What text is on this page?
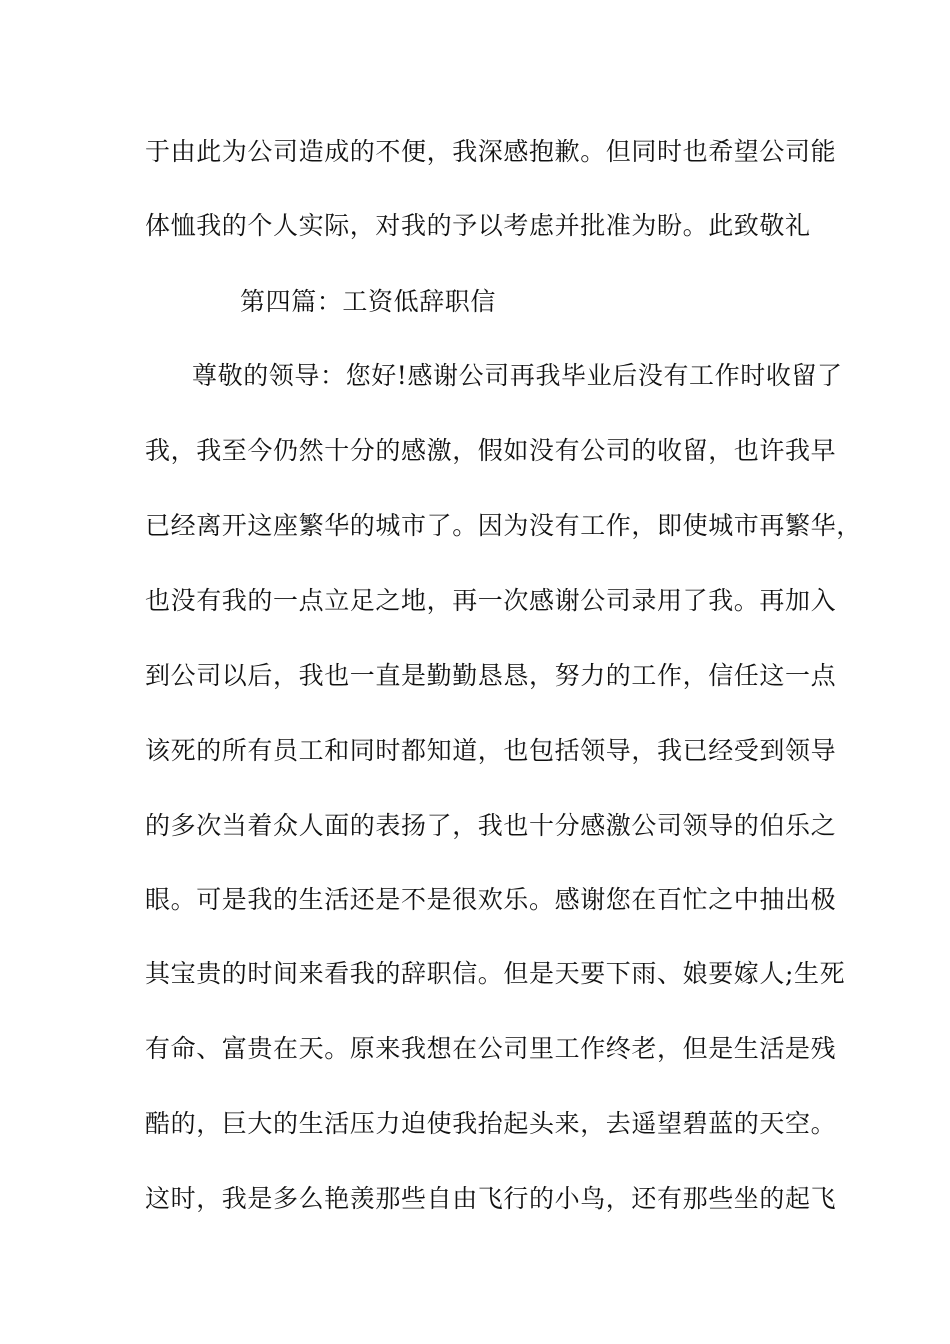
于由此为公司造成的不便，我深感抱歉。但同时也希望公司能
体恤我的个人实际，对我的予以考虑并批准为盼。此致敬礼
第四篇：工资低辞职信
尊敬的领导：您好!感谢公司再我毕业后没有工作时收留了
我，我至今仍然十分的感激，假如没有公司的收留，也许我早
已经离开这座繁华的城市了。因为没有工作，即使城市再繁华，
也没有我的一点立足之地，再一次感谢公司录用了我。再加入
到公司以后，我也一直是勤勤恳恳，努力的工作，信任这一点
该死的所有员工和同时都知道，也包括领导，我已经受到领导
的多次当着众人面的表扬了，我也十分感激公司领导的伯乐之
眼。可是我的生活还是不是很欢乐。感谢您在百忙之中抽出极
其宝贵的时间来看我的辞职信。但是天要下雨、娘要嫁人;生死
有命、富贵在天。原来我想在公司里工作终老，但是生活是残
酷的，巨大的生活压力迫使我抬起头来，去遥望碧蓝的天空。
这时，我是多么艳羡那些自由飞行的小鸟，还有那些坐的起飞
